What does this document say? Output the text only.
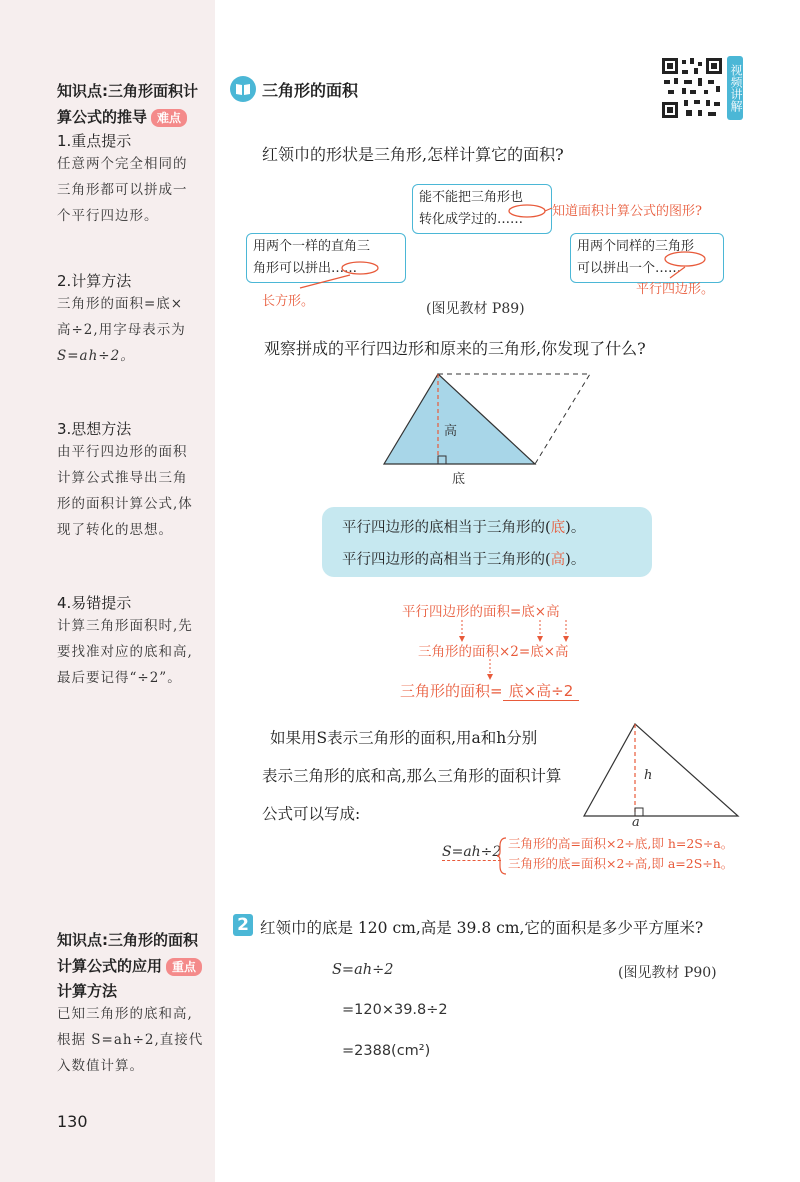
知识点:三角形面积计
算公式的推导 难点
1.重点提示
任意两个完全相同的
三角形都可以拼成一
个平行四边形。
2.计算方法
三角形的面积=底×
高÷2,用字母表示为
S=ah÷2。
3.思想方法
由平行四边形的面积
计算公式推导出三角
形的面积计算公式,体
现了转化的思想。
4.易错提示
计算三角形面积时,先
要找准对应的底和高,
最后要记得“÷2”。
知识点:三角形的面积
计算公式的应用 重点
计算方法
已知三角形的底和高,
根据 S=ah÷2,直接代
入数值计算。
130
三角形的面积	视频讲解
红领巾的形状是三角形,怎样计算它的面积?
能不能把三角形也
转化成学过的……
知道面积计算公式的图形?
用两个一样的直角三
角形可以拼出……
长方形。
用两个同样的三角形
可以拼出一个……
平行四边形。
(图见教材 P89)
观察拼成的平行四边形和原来的三角形,你发现了什么?
高
底
平行四边形的底相当于三角形的(底)。
平行四边形的高相当于三角形的(高)。
平行四边形的面积=底×高
三角形的面积×2=底×高
三角形的面积= 底×高÷2
如果用S表示三角形的面积,用a和h分别
表示三角形的底和高,那么三角形的面积计算
公式可以写成:
h
a
S=ah÷2
三角形的高=面积×2÷底,即 h=2S÷a。
三角形的底=面积×2÷高,即 a=2S÷h。
2 红领巾的底是 120 cm,高是 39.8 cm,它的面积是多少平方厘米?
S=ah÷2	(图见教材 P90)
=120×39.8÷2
=2388(cm²)
